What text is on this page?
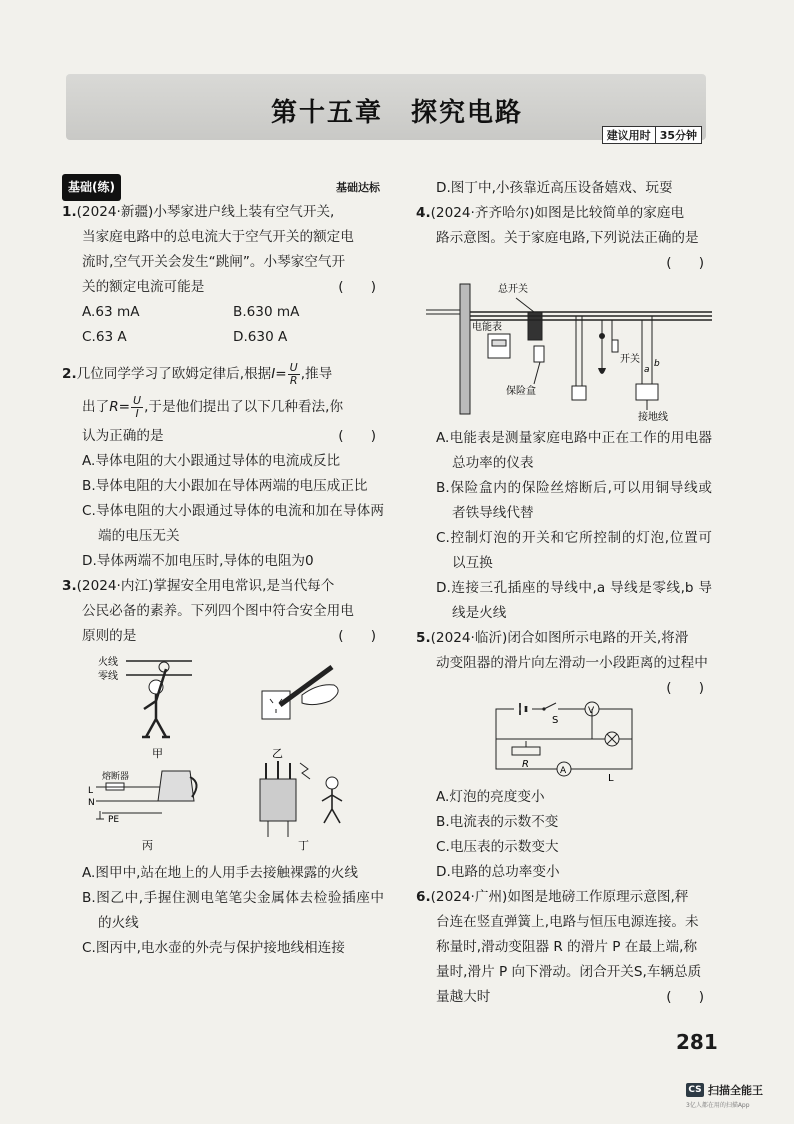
第十五章　探究电路
建议用时 35分钟
基础(练)	基础达标
1.(2024·新疆)小琴家进户线上装有空气开关,
当家庭电路中的总电流大于空气开关的额定电
流时,空气开关会发生“跳闸”。小琴家空气开
关的额定电流可能是	(　　)
A.63 mA	B.630 mA
C.63 A	D.630 A
2.几位同学学习了欧姆定律后,根据$I= \frac{U}{R}$ ,推导
出了$R= \frac{U}{I}$ ,于是他们提出了以下几种看法,你
认为正确的是	(　　)
A.导体电阻的大小跟通过导体的电流成反比
B.导体电阻的大小跟加在导体两端的电压成正比
C.导体电阻的大小跟通过导体的电流和加在导体两端的电压无关
D.导体两端不加电压时,导体的电阻为0
3.(2024·内江)掌握安全用电常识,是当代每个
公民必备的素养。下列四个图中符合安全用电
原则的是	(　　)
火线
零线
甲	乙
熔断器
L
N
PE
丙	丁
A.图甲中,站在地上的人用手去接触裸露的火线
B.图乙中,手握住测电笔笔尖金属体去检验插座中的火线
C.图丙中,电水壶的外壳与保护接地线相连接
D.图丁中,小孩靠近高压设备嬉戏、玩耍
4.(2024·齐齐哈尔)如图是比较简单的家庭电
路示意图。关于家庭电路,下列说法正确的是
(　　)
总开关
电能表
保险盒
开关
a
b
接地线
A.电能表是测量家庭电路中正在工作的用电器总功率的仪表
B.保险盒内的保险丝熔断后,可以用铜导线或者铁导线代替
C.控制灯泡的开关和它所控制的灯泡,位置可以互换
D.连接三孔插座的导线中,a 导线是零线,b 导线是火线
5.(2024·临沂)闭合如图所示电路的开关,将滑
动变阻器的滑片向左滑动一小段距离的过程中
(　　)
S
V
R
A
L
A.灯泡的亮度变小
B.电流表的示数不变
C.电压表的示数变大
D.电路的总功率变小
6.(2024·广州)如图是地磅工作原理示意图,秤
台连在竖直弹簧上,电路与恒压电源连接。未
称量时,滑动变阻器 R 的滑片 P 在最上端,称
量时,滑片 P 向下滑动。闭合开关S,车辆总质
量越大时	(　　)
281
CS 扫描全能王
3亿人都在用的扫描App
